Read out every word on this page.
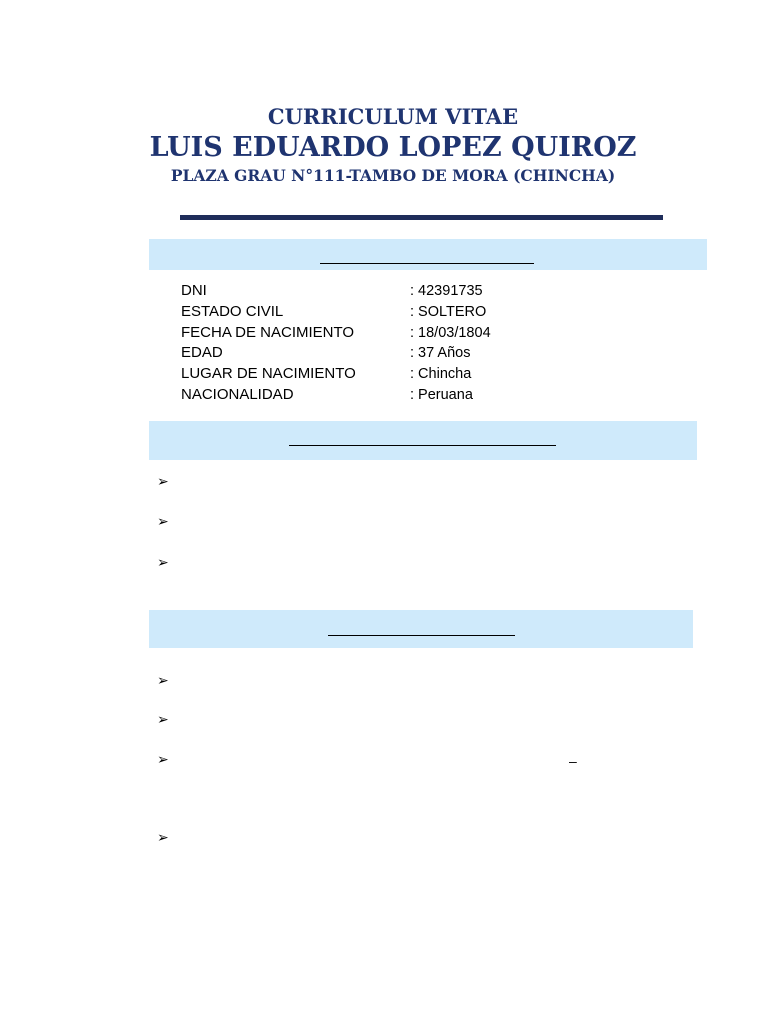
CURRICULUM VITAE
LUIS EDUARDO LOPEZ QUIROZ
PLAZA GRAU N°111-TAMBO DE MORA (CHINCHA)
DNI	: 42391735
ESTADO CIVIL	: SOLTERO
FECHA DE NACIMIENTO	: 18/03/1804
EDAD	: 37 Años
LUGAR DE NACIMIENTO	: Chincha
NACIONALIDAD	: Peruana
➢
➢
➢
➢
➢
➢	–
➢
